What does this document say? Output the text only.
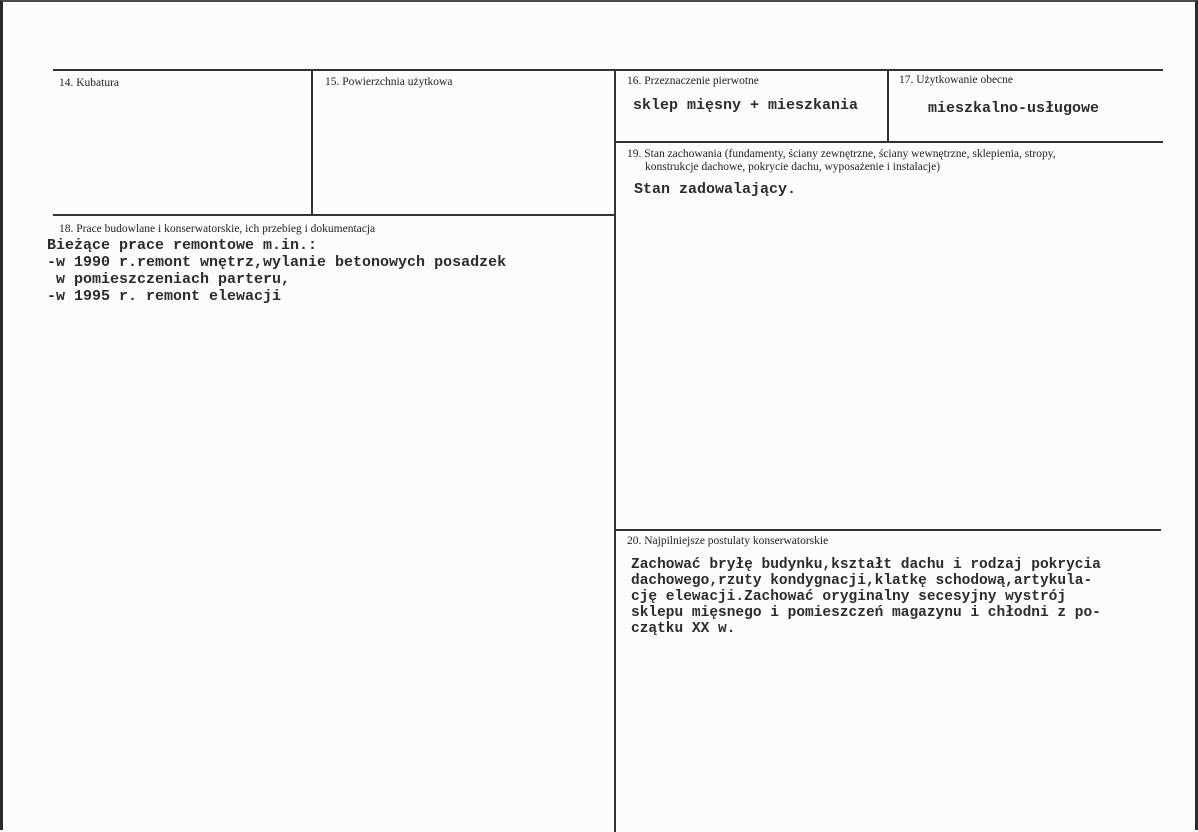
14. Kubatura	15. Powierzchnia użytkowa	16. Przeznaczenie pierwotne
sklep mięsny + mieszkania
17. Użytkowanie obecne
mieszkalno-usługowe
19. Stan zachowania (fundamenty, ściany zewnętrzne, ściany wewnętrzne, sklepienia, stropy,
konstrukcje dachowe, pokrycie dachu, wyposażenie i instalacje)
Stan zadowalający.
18. Prace budowlane i konserwatorskie, ich przebieg i dokumentacja
Bieżące prace remontowe m.in.:
-w 1990 r.remont wnętrz,wylanie betonowych posadzek
w pomieszczeniach parteru,
-w 1995 r. remont elewacji
20. Najpilniejsze postulaty konserwatorskie
Zachować bryłę budynku,kształt dachu i rodzaj pokrycia
dachowego,rzuty kondygnacji,klatkę schodową,artykula-
cję elewacji.Zachować oryginalny secesyjny wystrój
sklepu mięsnego i pomieszczeń magazynu i chłodni z po-
czątku XX w.
